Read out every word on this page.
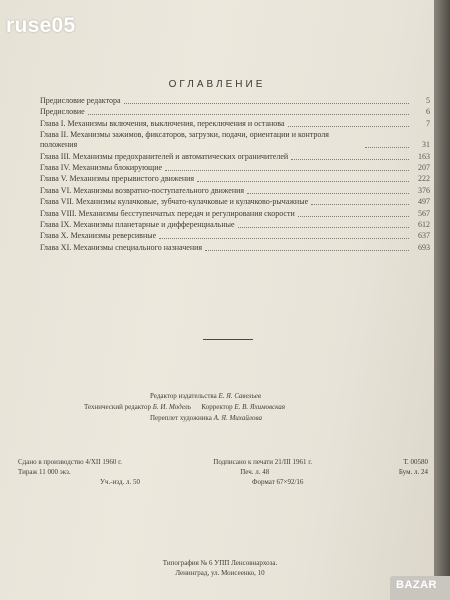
ОГЛАВЛЕНИЕ
Предисловие редактора	5
Предисловие	6
Глава I. Механизмы включения, выключения, переключения и останова	7
Глава II. Механизмы зажимов, фиксаторов, загрузки, подачи, ориентации и контроля положения	31
Глава III. Механизмы предохранителей и автоматических ограничителей	163
Глава IV. Механизмы блокирующие	207
Глава V. Механизмы прерывистого движения	222
Глава VI. Механизмы возвратно-поступательного движения	376
Глава VII. Механизмы кулачковые, зубчато-кулачковые и кулачково-рычажные	497
Глава VIII. Механизмы бесступенчатых передач и регулирования скорости	567
Глава IX. Механизмы планетарные и дифференциальные	612
Глава X. Механизмы реверсивные	637
Глава XI. Механизмы специального назначения	693
Редактор издательства Е. Я. Савельев
Технический редактор Б. И. Модель Корректор Е. В. Яхимовская
Переплет художника А. Я. Михайлова
Сдано в производство 4/XII 1960 г.	Подписано к печати 21/III 1961 г.	Т. 00580
Тираж 11 000 экз.	Печ. л. 48	Бум. л. 24
Уч.-изд. л. 50	Формат 67×92/16
Типография № 6 УПП Ленсовнархоза.
Ленинград, ул. Моисеенко, 10
ruse05
BAZAR
